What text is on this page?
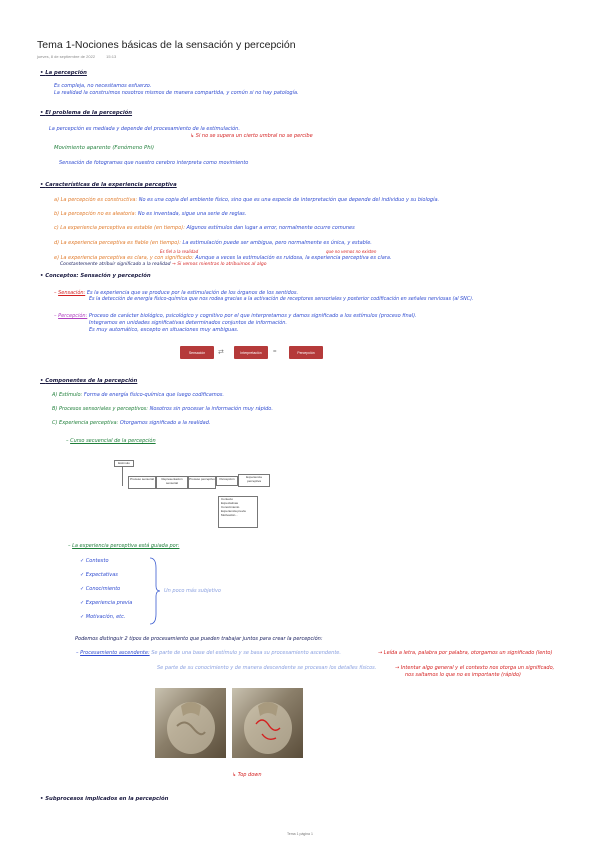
Tema 1-Nociones básicas de la sensación y percepción
jueves, 8 de septiembre de 2022	15:13
• La percepción
Es compleja, no necesitamos esfuerzo.
La realidad la construimos nosotros mismos de manera compartida, y común si no hay patología.
• El problema de la percepción
La percepción es mediada y depende del procesamiento de la estimulación.
↳ Si no se supera un cierto umbral no se percibe
Movimiento aparente (Fenómeno Phi)
Sensación de fotogramas que nuestro cerebro interpreta como movimiento
• Características de la experiencia perceptiva
a) La percepción es constructiva: No es una copia del ambiente físico, sino que es una especie de interpretación que depende del individuo y su biología.
b) La percepción no es aleatoria: No es inventada, sigue una serie de reglas.
c) La experiencia perceptiva es estable (en tiempo): Algunos estímulos dan lugar a error, normalmente ocurre comunes
d) La experiencia perceptiva es fiable (en tiempo): La estimulación puede ser ambigua, pero normalmente es única, y estable.
Es fiel a la realidad	que no vemos no existen
e) La experiencia perceptiva es clara, y con significado: Aunque a veces la estimulación es ruidosa, la experiencia perceptiva es clara.
Constantemente atribuir significado a la realidad → Si vemos mientras lo atribuimos al algo
• Conceptos: Sensación y percepción
– Sensación: Es la experiencia que se produce por la estimulación de los órganos de los sentidos.
Es la detección de energía físico-química que nos rodea gracias a la activación de receptores sensoriales y posterior codificación en señales nerviosas (al SNC).
– Percepción: Proceso de carácter biológico, psicológico y cognitivo por el que interpretamos y damos significado a los estímulos (proceso final).
Integramos en unidades significativas determinados conjuntos de información.
Es muy automático, excepto en situaciones muy ambiguas.
Sensación	⇄	Interpretación	=	Percepción
• Componentes de la percepción
A) Estímulo: Forma de energía físico-química que luego codificamos.
B) Procesos sensoriales y perceptivos: Nosotros sin procesar la información muy rápido.
C) Experiencia perceptiva: Otorgamos significado a la realidad.
– Curso secuencial de la percepción
Estímulo
Proceso sensorial	Representación sensorial
Proceso perceptivo	Percepción	Experiencia perceptiva
Contexto
Expectativas
Conocimiento
Experiencia previa
Motivación...
– La experiencia perceptiva está guiada por:
✓ Contexto
✓ Expectativas
✓ Conocimiento
✓ Experiencia previa
✓ Motivación, etc.
Un poco más subjetivo
Podemos distinguir 2 tipos de procesamiento que pueden trabajar juntos para crear la percepción:
– Procesamiento ascendente: Se parte de una base del estímulo y se basa su procesamiento ascendente.	→ Leída a letra, palabra por palabra, otorgamos un significado (lento)
Se parte de su conocimiento y de manera descendente se procesan los detalles físicos.	→ Intentar algo general y el contexto nos otorga un significado,
nos saltamos lo que no es importante (rápido)
↳ Top down
• Subprocesos implicados en la percepción
Tema 1 página 1
